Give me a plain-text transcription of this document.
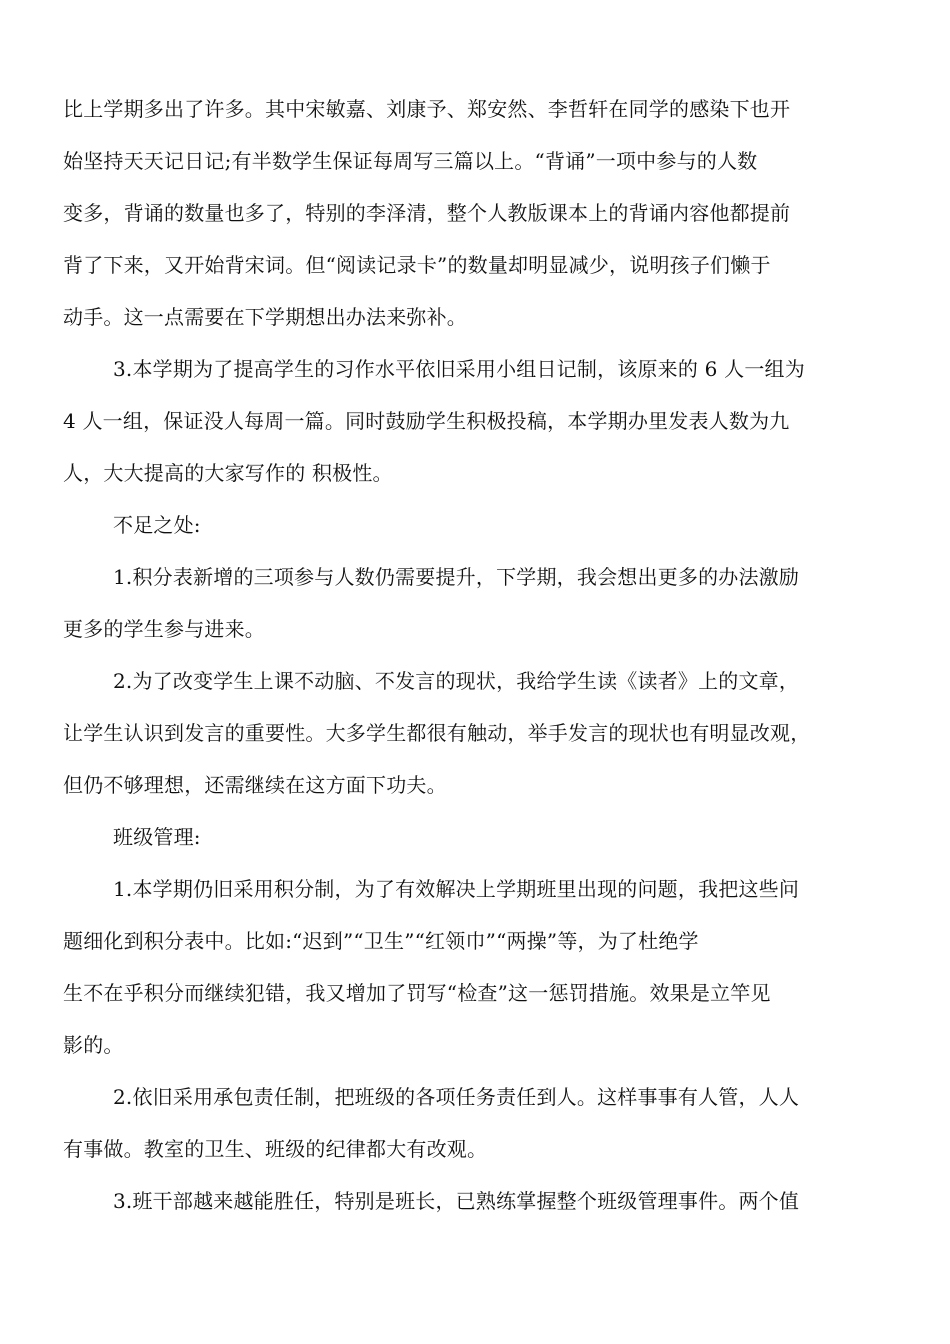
比上学期多出了许多。其中宋敏嘉、刘康予、郑安然、李哲轩在同学的感染下也开
始坚持天天记日记;有半数学生保证每周写三篇以上。“背诵”一项中参与的人数
变多，背诵的数量也多了，特别的李泽清，整个人教版课本上的背诵内容他都提前
背了下来，又开始背宋词。但“阅读记录卡”的数量却明显减少，说明孩子们懒于
动手。这一点需要在下学期想出办法来弥补。
3.本学期为了提高学生的习作水平依旧采用小组日记制，该原来的 6 人一组为
4 人一组，保证没人每周一篇。同时鼓励学生积极投稿，本学期办里发表人数为九
人，大大提高的大家写作的 积极性。
不足之处:
1.积分表新增的三项参与人数仍需要提升，下学期，我会想出更多的办法激励
更多的学生参与进来。
2.为了改变学生上课不动脑、不发言的现状，我给学生读《读者》上的文章，
让学生认识到发言的重要性。大多学生都很有触动，举手发言的现状也有明显改观，
但仍不够理想，还需继续在这方面下功夫。
班级管理:
1.本学期仍旧采用积分制，为了有效解决上学期班里出现的问题，我把这些问
题细化到积分表中。比如:“迟到”“卫生”“红领巾”“两操”等，为了杜绝学
生不在乎积分而继续犯错，我又增加了罚写“检查”这一惩罚措施。效果是立竿见
影的。
2.依旧采用承包责任制，把班级的各项任务责任到人。这样事事有人管，人人
有事做。教室的卫生、班级的纪律都大有改观。
3.班干部越来越能胜任，特别是班长，已熟练掌握整个班级管理事件。两个值
